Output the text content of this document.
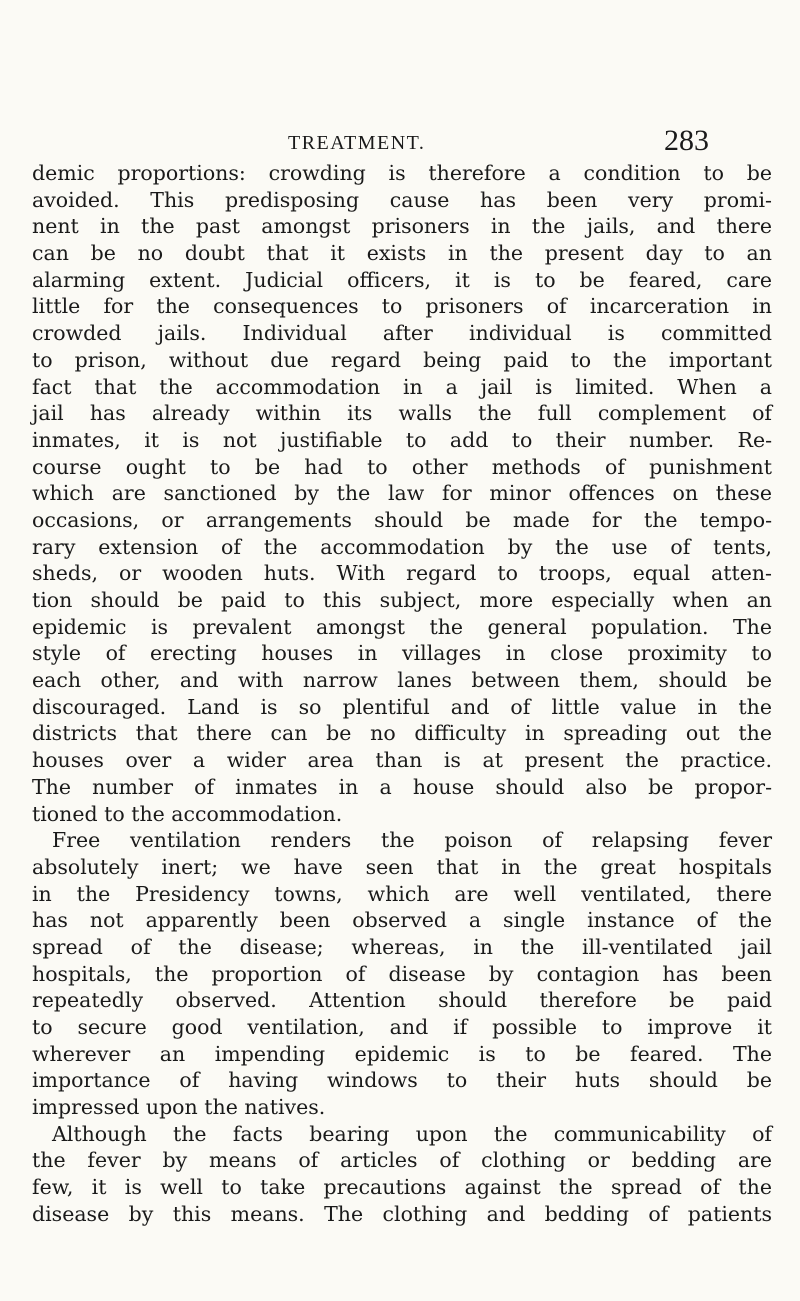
TREATMENT.	283
demic proportions: crowding is therefore a condition to be
avoided. This predisposing cause has been very promi-
nent in the past amongst prisoners in the jails, and there
can be no doubt that it exists in the present day to an
alarming extent. Judicial officers, it is to be feared, care
little for the consequences to prisoners of incarceration in
crowded jails. Individual after individual is committed
to prison, without due regard being paid to the important
fact that the accommodation in a jail is limited. When a
jail has already within its walls the full complement of
inmates, it is not justifiable to add to their number. Re-
course ought to be had to other methods of punishment
which are sanctioned by the law for minor offences on these
occasions, or arrangements should be made for the tempo-
rary extension of the accommodation by the use of tents,
sheds, or wooden huts. With regard to troops, equal atten-
tion should be paid to this subject, more especially when an
epidemic is prevalent amongst the general population. The
style of erecting houses in villages in close proximity to
each other, and with narrow lanes between them, should be
discouraged. Land is so plentiful and of little value in the
districts that there can be no difficulty in spreading out the
houses over a wider area than is at present the practice.
The number of inmates in a house should also be propor-
tioned to the accommodation.
Free ventilation renders the poison of relapsing fever
absolutely inert; we have seen that in the great hospitals
in the Presidency towns, which are well ventilated, there
has not apparently been observed a single instance of the
spread of the disease; whereas, in the ill-ventilated jail
hospitals, the proportion of disease by contagion has been
repeatedly observed. Attention should therefore be paid
to secure good ventilation, and if possible to improve it
wherever an impending epidemic is to be feared. The
importance of having windows to their huts should be
impressed upon the natives.
Although the facts bearing upon the communicability of
the fever by means of articles of clothing or bedding are
few, it is well to take precautions against the spread of the
disease by this means. The clothing and bedding of patients
